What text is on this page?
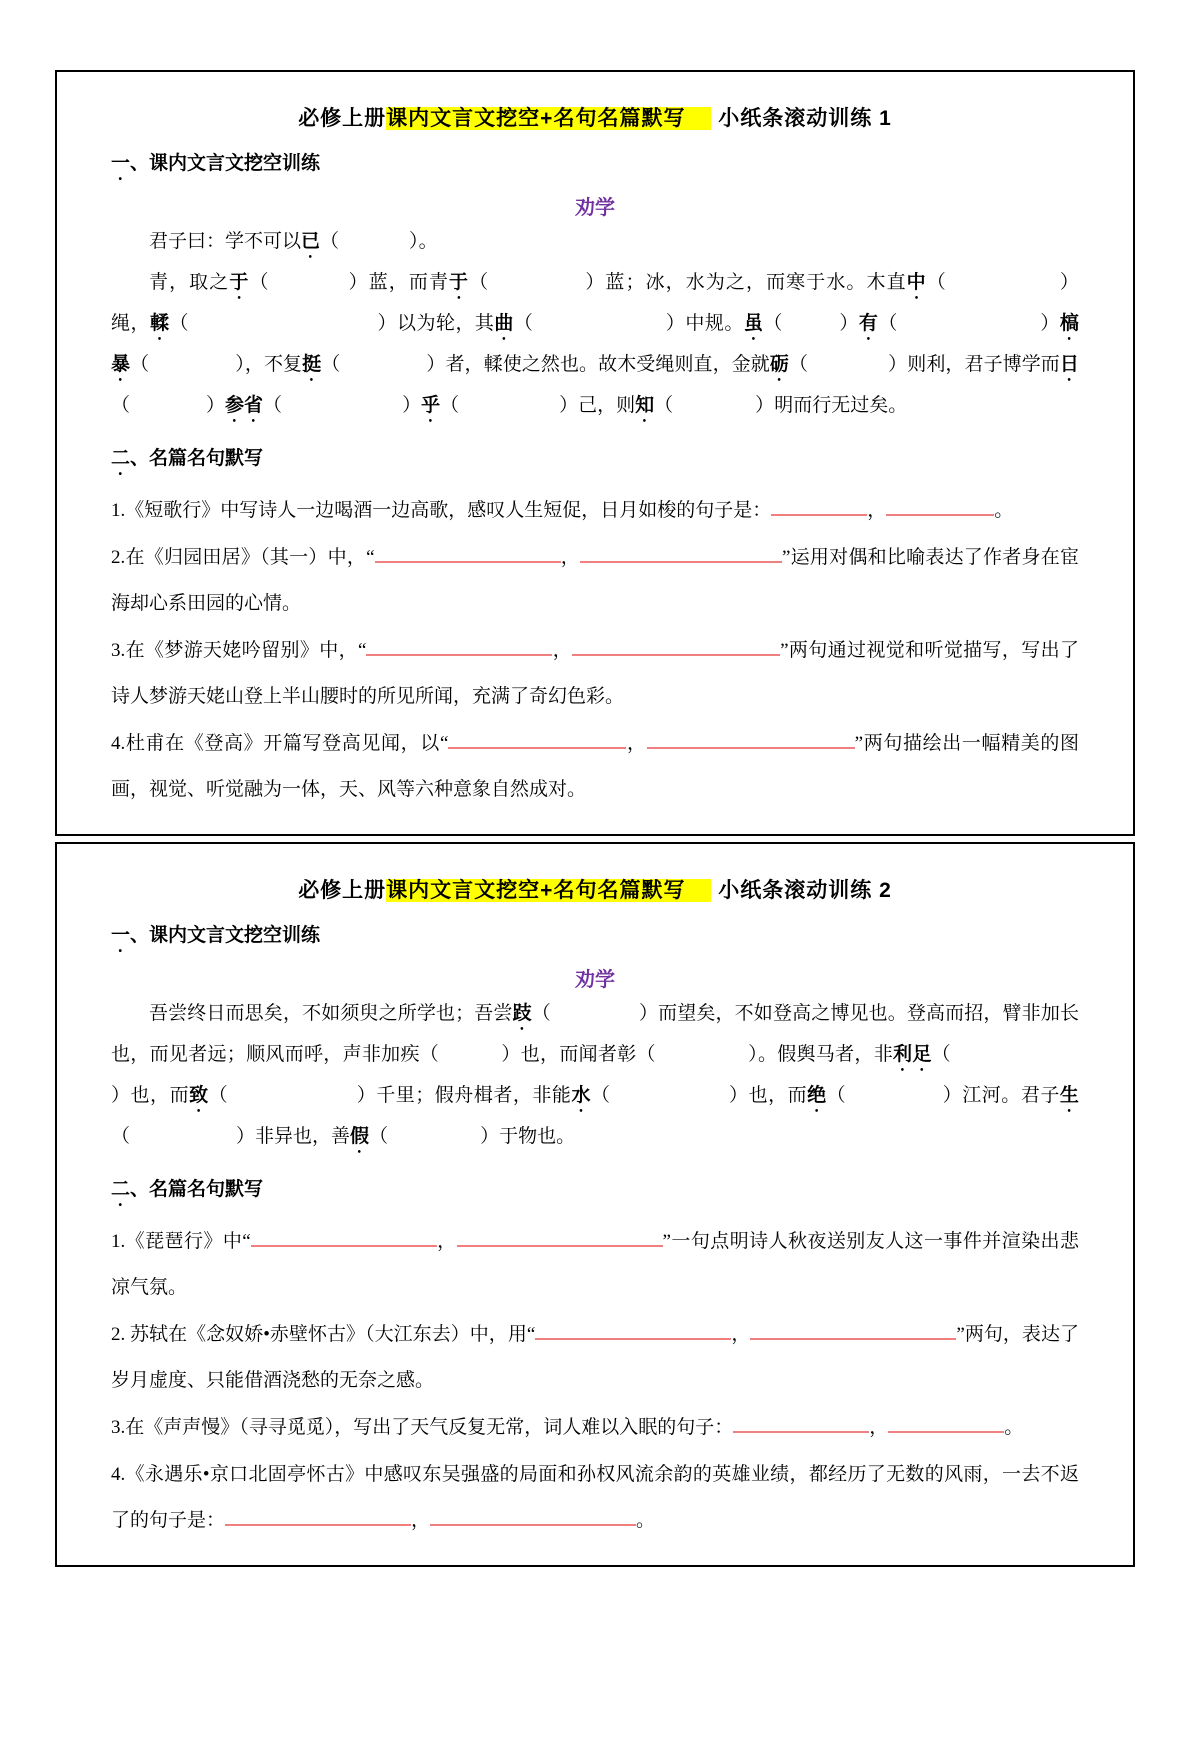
必修上册课内文言文挖空+名句名篇默写 小纸条滚动训练 1
一、课内文言文挖空训练
劝学

君子曰：学不可以已（	）。

青，取之于（	）蓝，而青于（	）蓝；冰，水为之，而寒于水。木直中（	）绳，輮（	）以为轮，其曲（	）中规。虽（	）有（	）槁暴（	），不复挺（	）者，輮使之然也。故木受绳则直，金就砺（	）则利，君子博学而日（	）参省（	）乎（	）己，则知（	）明而行无过矣。

二、名篇名句默写

1.《短歌行》中写诗人一边喝酒一边高歌，感叹人生短促，日月如梭的句子是：	，	。

2.在《归园田居》（其一）中，“	，	”运用对偶和比喻表达了作者身在宦海却心系田园的心情。

3.在《梦游天姥吟留别》中，“	，	”两句通过视觉和听觉描写，写出了诗人梦游天姥山登上半山腰时的所见所闻，充满了奇幻色彩。

4.杜甫在《登高》开篇写登高见闻，以“	，	”两句描绘出一幅精美的图画，视觉、听觉融为一体，天、风等六种意象自然成对。

必修上册课内文言文挖空+名句名篇默写 小纸条滚动训练 2
一、课内文言文挖空训练
劝学

吾尝终日而思矣，不如须臾之所学也；吾尝跂（	）而望矣，不如登高之博见也。登高而招，臂非加长也，而见者远；顺风而呼，声非加疾（	）也，而闻者彰（	）。假舆马者，非利足（）也，而致（	）千里；假舟楫者，非能水（	）也，而绝（	）江河。君子生（	）非异也，善假（	）于物也。

二、名篇名句默写

1.《琵琶行》中“	，	”一句点明诗人秋夜送别友人这一事件并渲染出悲凉气氛。

2. 苏轼在《念奴娇•赤壁怀古》（大江东去）中，用“	，	”两句，表达了岁月虚度、只能借酒浇愁的无奈之感。

3.在《声声慢》（寻寻觅觅），写出了天气反复无常，词人难以入眠的句子：	，	。

4.《永遇乐•京口北固亭怀古》中感叹东吴强盛的局面和孙权风流余韵的英雄业绩，都经历了无数的风雨，一去不返了的句子是：	，	。
